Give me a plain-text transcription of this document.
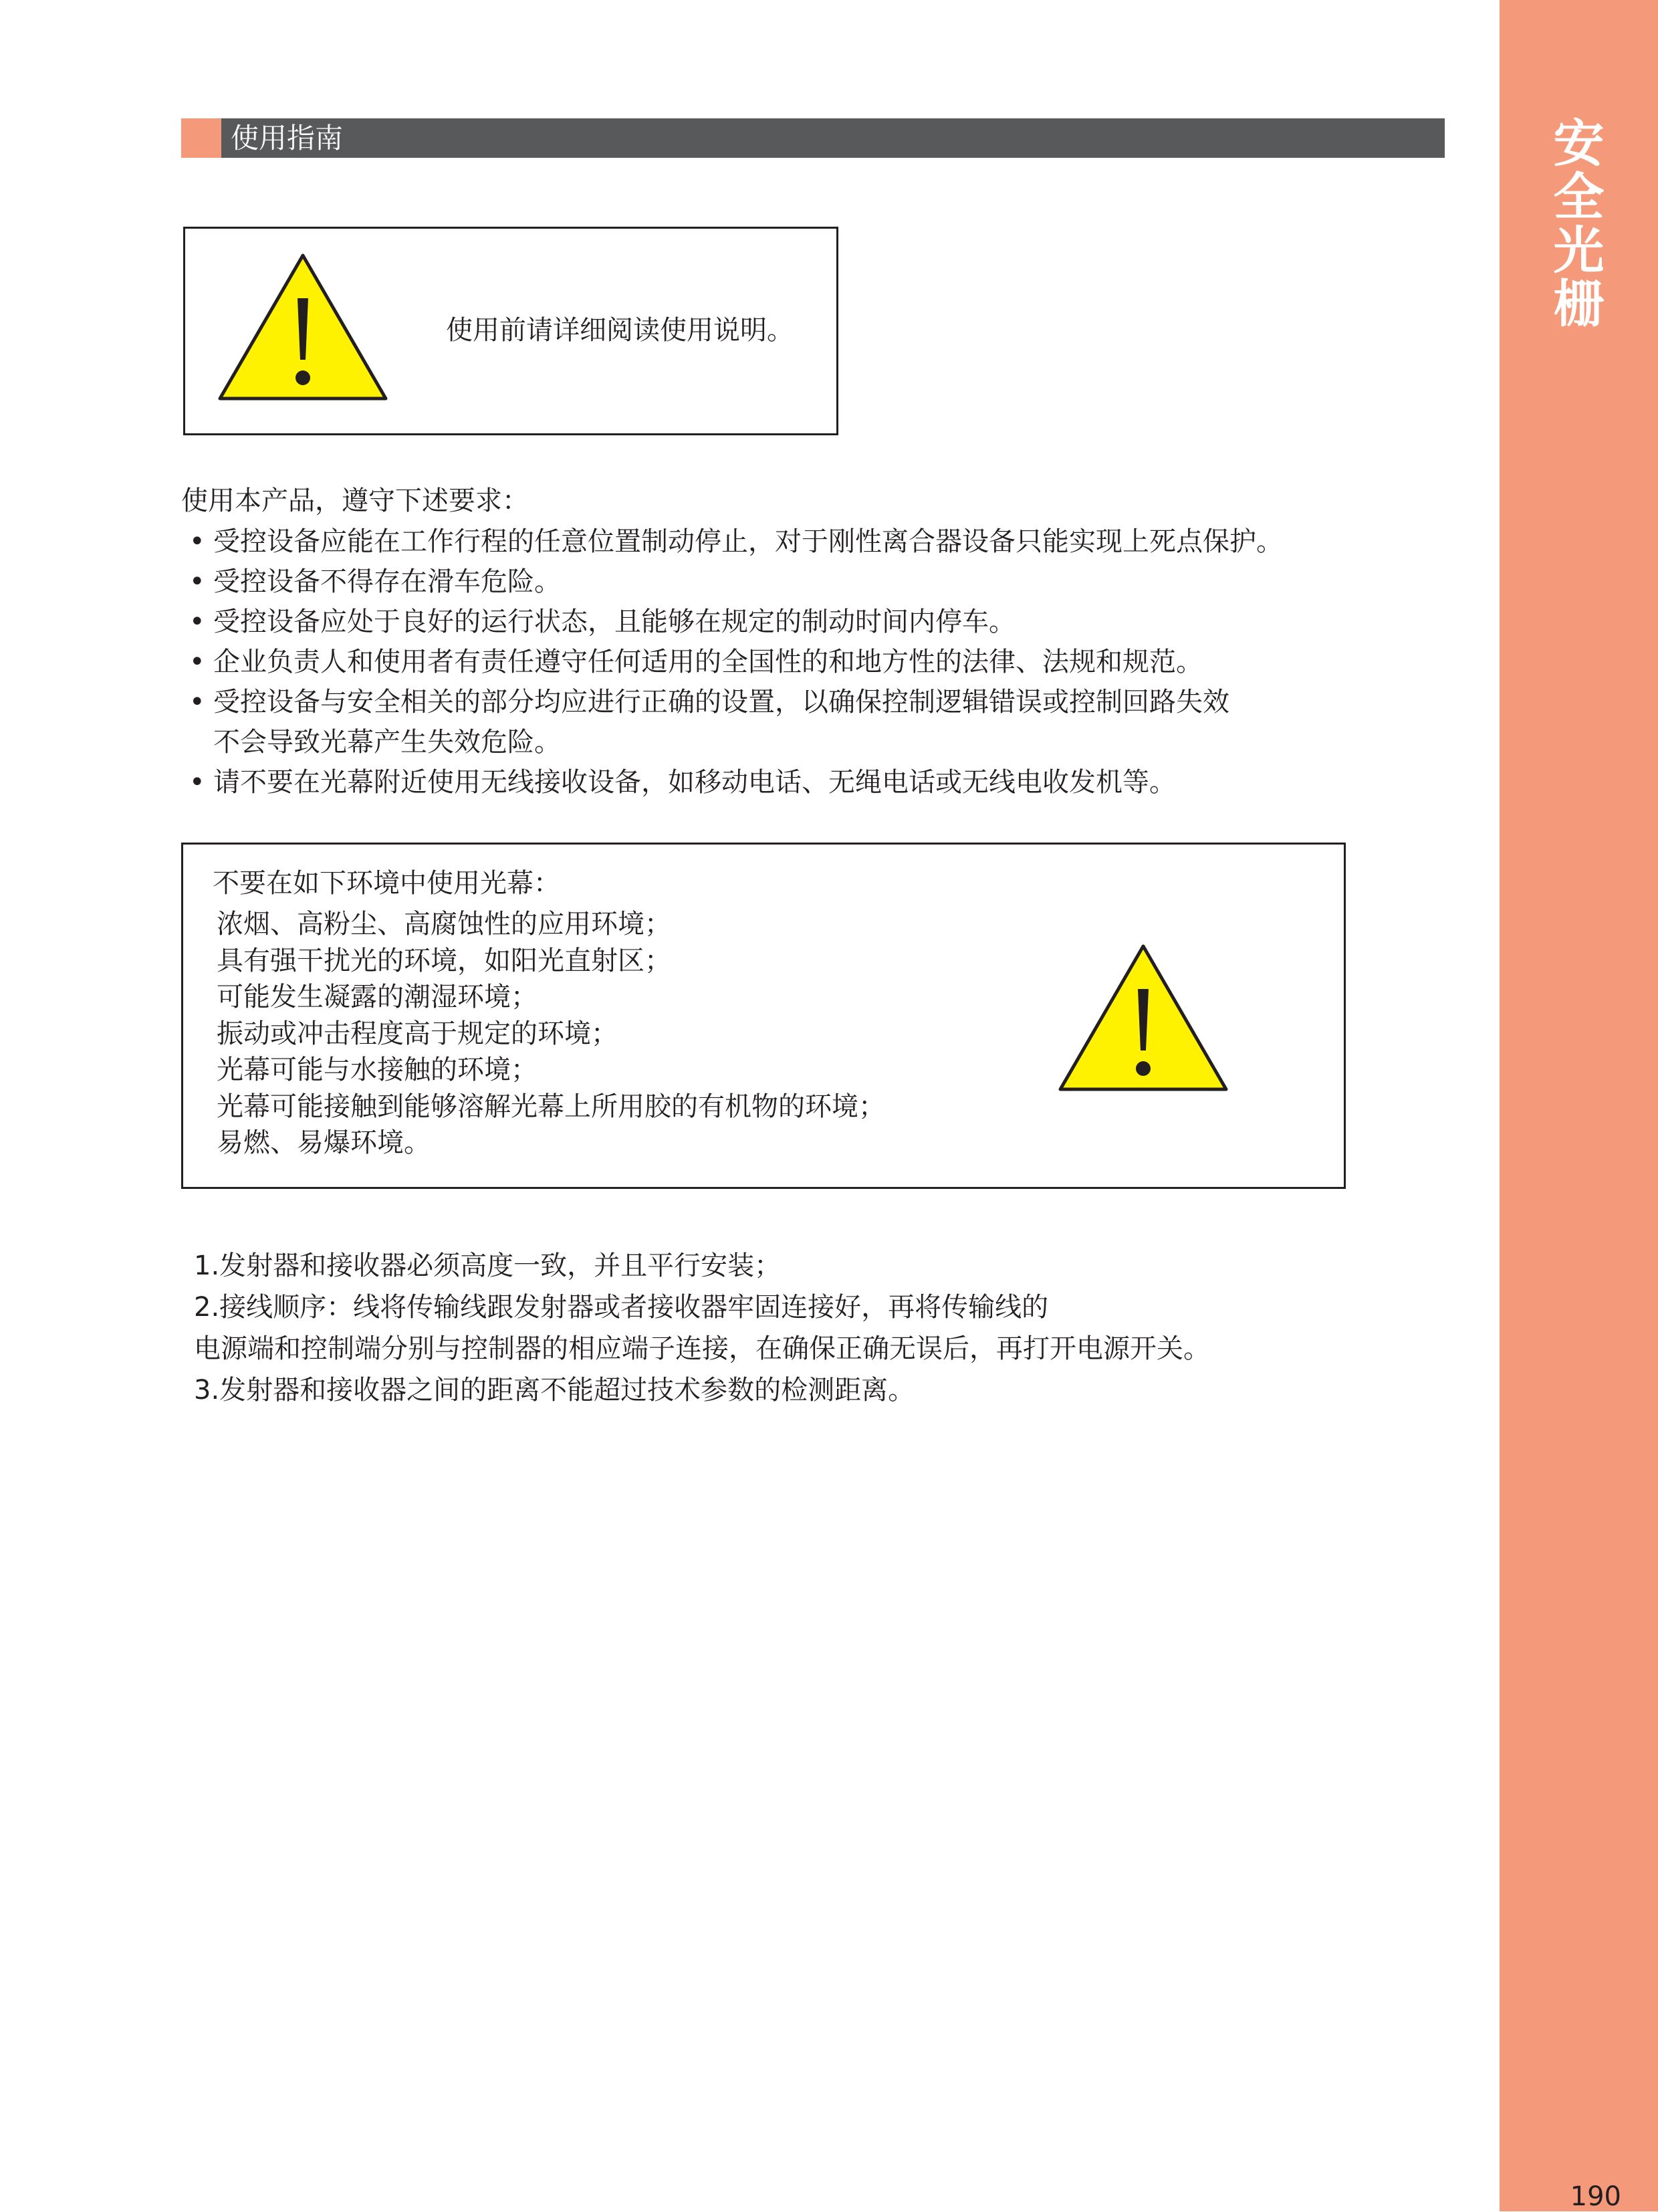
使用指南	安
全
光
栅
190
使用前请详细阅读使用说明。
使用本产品，遵守下述要求：
• 受控设备应能在工作行程的任意位置制动停止，对于刚性离合器设备只能实现上死点保护。
• 受控设备不得存在滑车危险。
• 受控设备应处于良好的运行状态，且能够在规定的制动时间内停车。
• 企业负责人和使用者有责任遵守任何适用的全国性的和地方性的法律、法规和规范。
• 受控设备与安全相关的部分均应进行正确的设置，以确保控制逻辑错误或控制回路失效
不会导致光幕产生失效危险。
• 请不要在光幕附近使用无线接收设备，如移动电话、无绳电话或无线电收发机等。
不要在如下环境中使用光幕：
浓烟、高粉尘、高腐蚀性的应用环境；
具有强干扰光的环境，如阳光直射区；
可能发生凝露的潮湿环境；
振动或冲击程度高于规定的环境；
光幕可能与水接触的环境；
光幕可能接触到能够溶解光幕上所用胶的有机物的环境；
易燃、易爆环境。

1.发射器和接收器必须高度一致，并且平行安装；

2.接线顺序：线将传输线跟发射器或者接收器牢固连接好，再将传输线的

电源端和控制端分别与控制器的相应端子连接，在确保正确无误后，再打开电源开关。

3.发射器和接收器之间的距离不能超过技术参数的检测距离。
